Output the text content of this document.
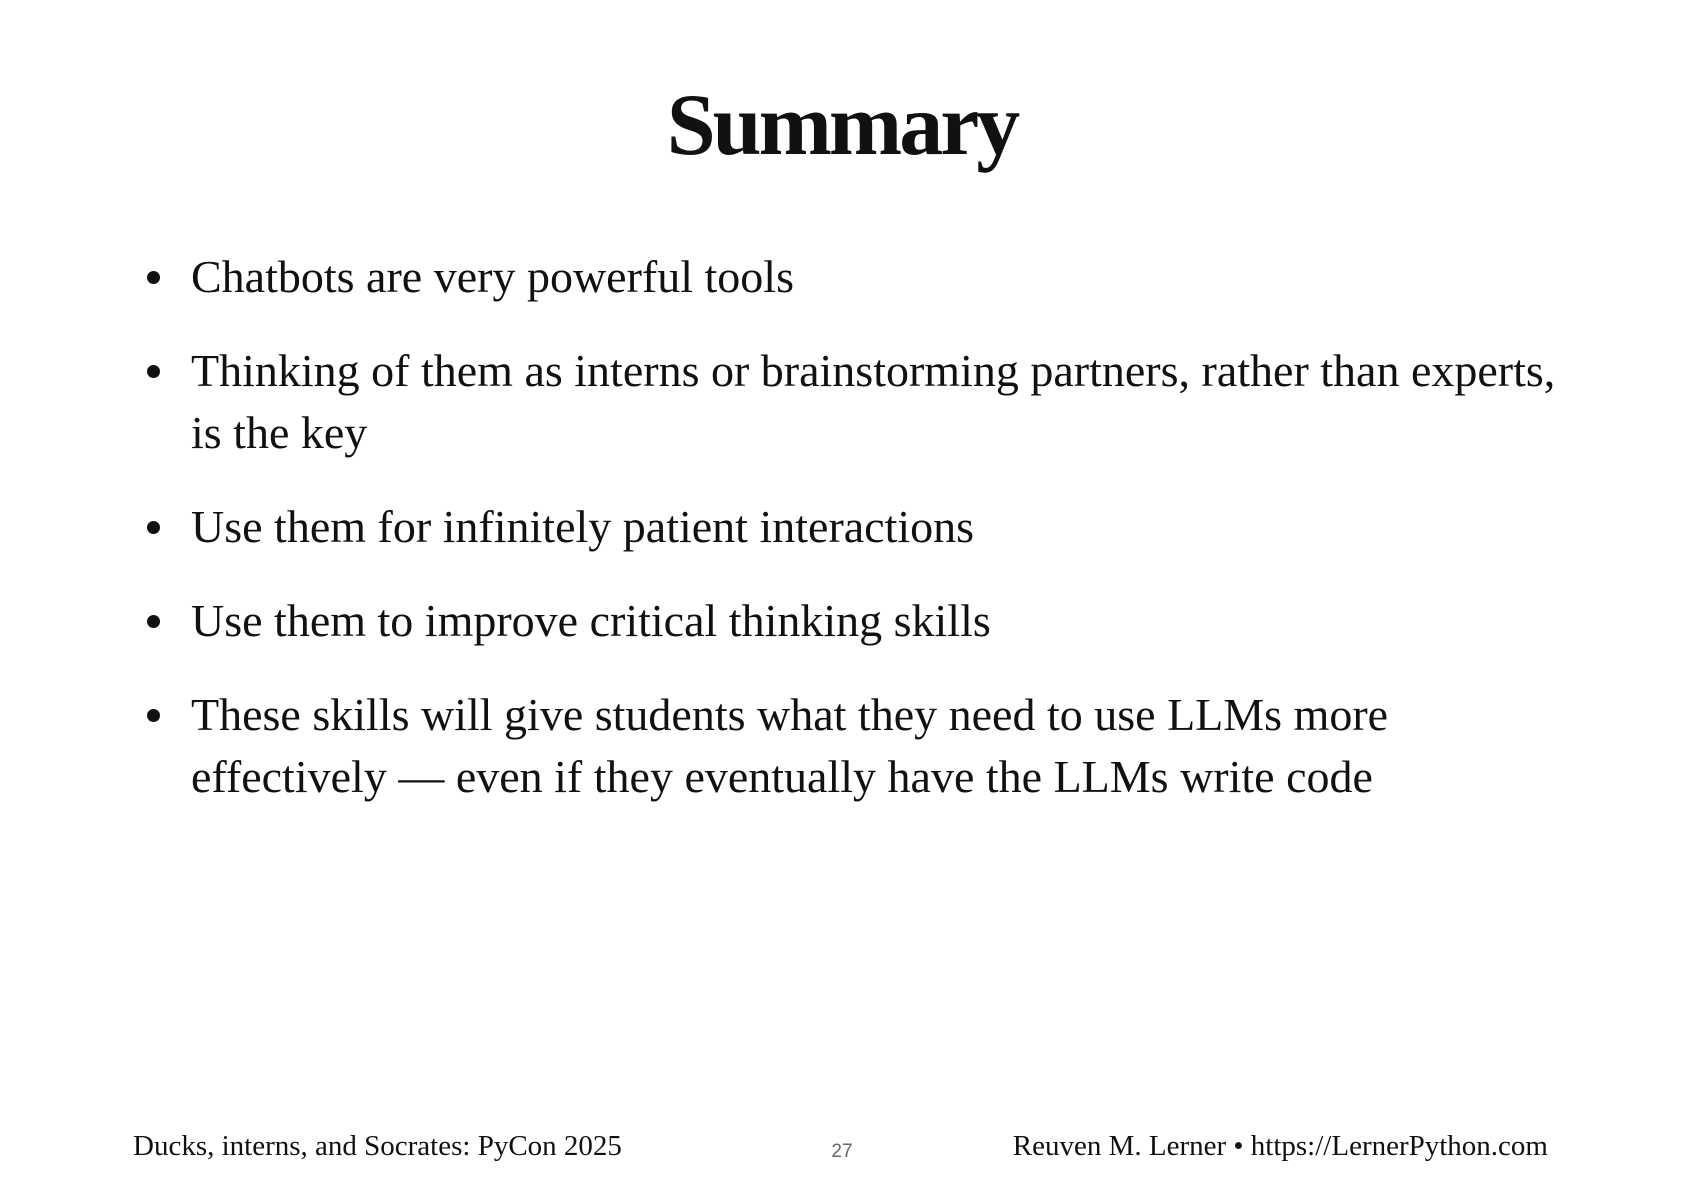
Summary
Chatbots are very powerful tools
Thinking of them as interns or brainstorming partners, rather than experts, is the key
Use them for infinitely patient interactions
Use them to improve critical thinking skills
These skills will give students what they need to use LLMs more effectively — even if they eventually have the LLMs write code
Ducks, interns, and Socrates: PyCon 2025	27	Reuven M. Lerner • https://LernerPython.com
